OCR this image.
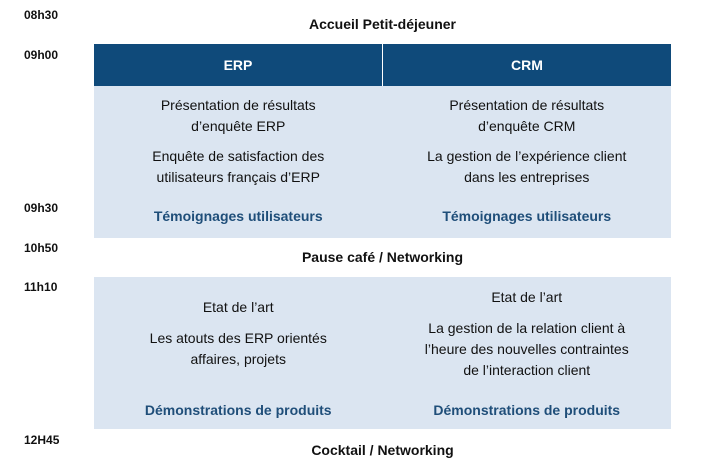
08h30
09h00
09h30
10h50
11h10
12H45
Accueil Petit-déjeuner
ERP	CRM
Présentation de résultats
d’enquête ERP
Enquête de satisfaction des
utilisateurs français d’ERP
Témoignages utilisateurs
Présentation de résultats
d’enquête CRM
La gestion de l’expérience client
dans les entreprises
Témoignages utilisateurs
Pause café / Networking
Etat de l’art
Les atouts des ERP orientés
affaires, projets
Démonstrations de produits
Etat de l’art
La gestion de la relation client à
l’heure des nouvelles contraintes
de l’interaction client
Démonstrations de produits
Cocktail / Networking
